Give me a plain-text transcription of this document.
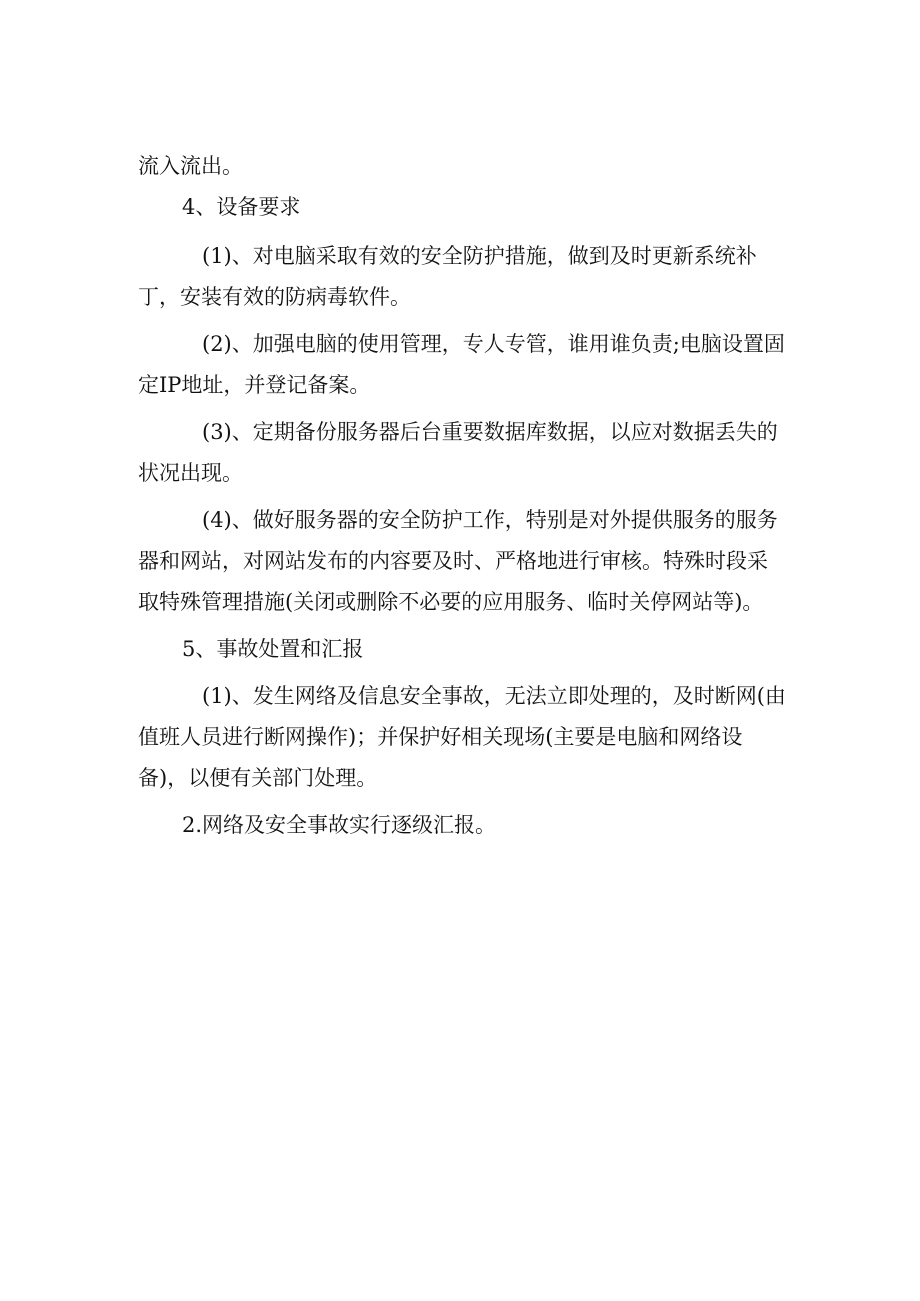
流入流出。

4、设备要求

(1)、对电脑采取有效的安全防护措施，做到及时更新系统补丁，安装有效的防病毒软件。

(2)、加强电脑的使用管理，专人专管，谁用谁负责;电脑设置固定IP地址，并登记备案。

(3)、定期备份服务器后台重要数据库数据，以应对数据丢失的状况出现。

(4)、做好服务器的安全防护工作，特别是对外提供服务的服务器和网站，对网站发布的内容要及时、严格地进行审核。特殊时段采取特殊管理措施(关闭或删除不必要的应用服务、临时关停网站等)。

5、事故处置和汇报

(1)、发生网络及信息安全事故，无法立即处理的，及时断网(由值班人员进行断网操作)；并保护好相关现场(主要是电脑和网络设备)，以便有关部门处理。

2.网络及安全事故实行逐级汇报。
